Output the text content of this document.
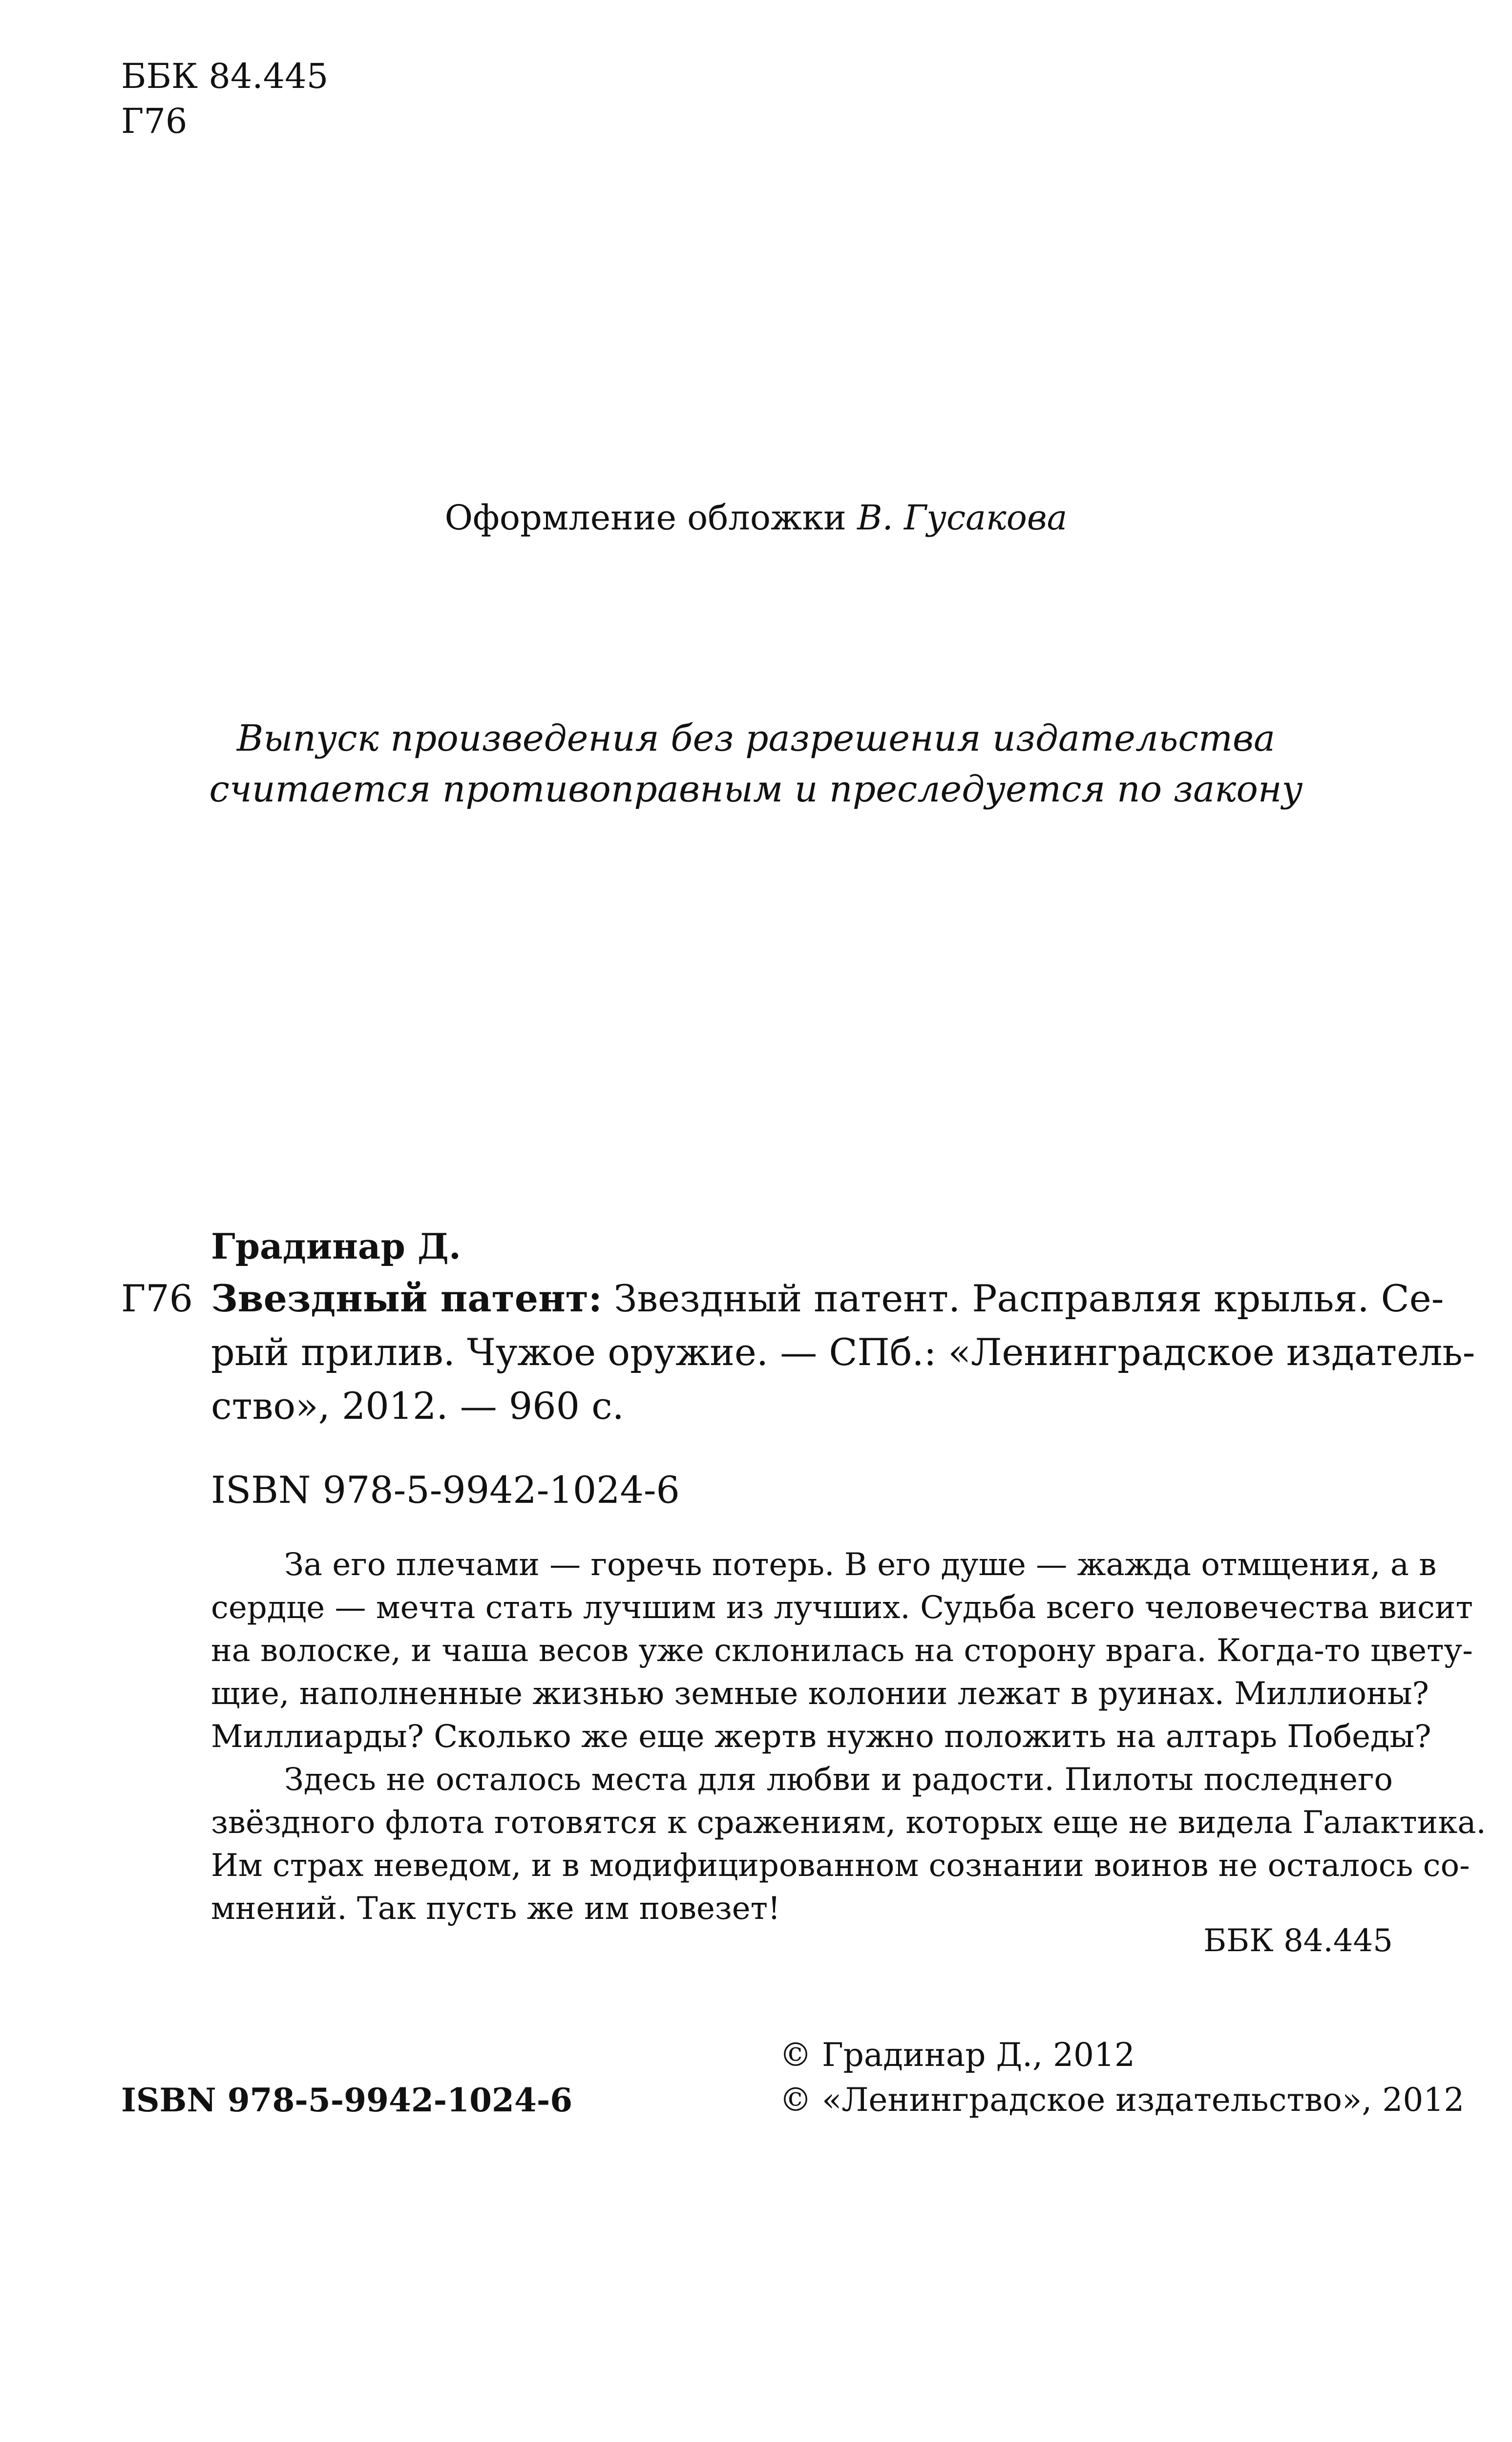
ББК 84.445
Г76
Оформление обложки В. Гусакова
Выпуск произведения без разрешения издательства
считается противоправным и преследуется по закону
Градинар Д.
Г76 Звездный патент: Звездный патент. Расправляя крылья. Се-
рый прилив. Чужое оружие. — СПб.: «Ленинградское издатель-
ство», 2012. — 960 с.
ISBN 978-5-9942-1024-6
За его плечами — горечь потерь. В его душе — жажда отмщения, а в
сердце — мечта стать лучшим из лучших. Судьба всего человечества висит
на волоске, и чаша весов уже склонилась на сторону врага. Когда-то цвету-
щие, наполненные жизнью земные колонии лежат в руинах. Миллионы?
Миллиарды? Сколько же еще жертв нужно положить на алтарь Победы?
Здесь не осталось места для любви и радости. Пилоты последнего
звёздного флота готовятся к сражениям, которых еще не видела Галактика.
Им страх неведом, и в модифицированном сознании воинов не осталось со-
мнений. Так пусть же им повезет!
ББК 84.445
© Градинар Д., 2012
© «Ленинградское издательство», 2012
ISBN 978-5-9942-1024-6
